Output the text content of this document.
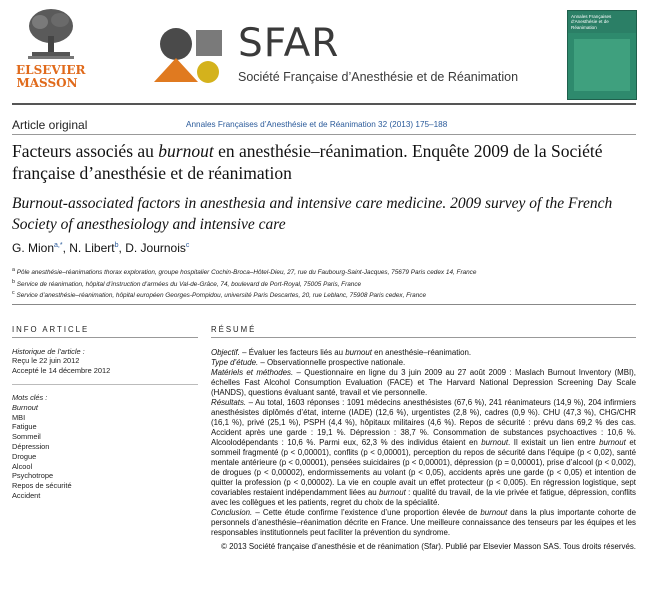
ELSEVIER
MASSON
SFAR
Société Française d’Anesthésie et de Réanimation
Annales Françaises d’Anesthésie et de Réanimation
Article original	Annales Françaises d’Anesthésie et de Réanimation 32 (2013) 175–188
Facteurs associés au burnout en anesthésie–réanimation. Enquête 2009 de la Société française d’anesthésie et de réanimation
Burnout-associated factors in anesthesia and intensive care medicine. 2009 survey of the French Society of anesthesiology and intensive care
G. Mion$^{a,*}$, N. Libert$^b$, D. Journois$^c$
$^a$ Pôle anesthésie–réanimations thorax exploration, groupe hospitalier Cochin-Broca–Hôtel-Dieu, 27, rue du Faubourg-Saint-Jacques, 75679 Paris cedex 14, France
$^b$ Service de réanimation, hôpital d’instruction d’armées du Val-de-Grâce, 74, boulevard de Port-Royal, 75005 Paris, France
$^c$ Service d’anesthésie–réanimation, hôpital européen Georges-Pompidou, université Paris Descartes, 20, rue Leblanc, 75908 Paris cedex, France
INFO ARTICLE
Historique de l’article :
Reçu le 22 juin 2012
Accepté le 14 décembre 2012
Mots clés :
Burnout
MBI
Fatigue
Sommeil
Dépression
Drogue
Alcool
Psychotrope
Repos de sécurité
Accident
RÉSUMÉ

Objectif. – Évaluer les facteurs liés au burnout en anesthésie–réanimation.

Type d’étude. – Observationnelle prospective nationale.

Matériels et méthodes. – Questionnaire en ligne du 3 juin 2009 au 27 août 2009 : Maslach Burnout Inventory (MBI), échelles Fast Alcohol Consumption Evaluation (FACE) et The Harvard National Depression Screening Day Scale (HANDS), questions évaluant santé, travail et vie personnelle.

Résultats. – Au total, 1603 réponses : 1091 médecins anesthésistes (67,6 %), 241 réanimateurs (14,9 %), 204 infirmiers anesthésistes diplômés d’état, interne (IADE) (12,6 %), urgentistes (2,8 %), cadres (0,9 %). CHU (47,3 %), CHG/CHR (16,1 %), privé (25,1 %), PSPH (4,4 %), hôpitaux militaires (4,6 %). Repos de sécurité : prévu dans 69,2 % des cas. Accident après une garde : 19,1 %. Dépression : 38,7 %. Consommation de substances psychoactives : 10,6 %. Alcoolodépendants : 10,6 %. Parmi eux, 62,3 % des individus étaient en burnout. Il existait un lien entre burnout et sommeil fragmenté (p < 0,00001), conflits (p < 0,00001), perception du repos de sécurité dans l’équipe (p < 0,02), santé mentale antérieure (p < 0,00001), pensées suicidaires (p < 0,00001), dépression (p = 0,00001), prise d’alcool (p < 0,002), de drogues (p < 0,00002), endormissements au volant (p < 0,05), accidents après une garde (p < 0,05) et intention de quitter la profession (p < 0,00002). La vie en couple avait un effet protecteur (p < 0,005). En régression logistique, sept covariables restaient indépendamment liées au burnout : qualité du travail, de la vie privée et fatigue, dépression, conflits avec les collègues et les patients, regret du choix de la spécialité.

Conclusion. – Cette étude confirme l’existence d’une proportion élevée de burnout dans la plus importante cohorte de personnels d’anesthésie–réanimation décrite en France. Une meilleure connaissance des tenseurs par les équipes et les responsables institutionnels peut faciliter la prévention du syndrome.

© 2013 Société française d’anesthésie et de réanimation (Sfar). Publié par Elsevier Masson SAS. Tous droits réservés.
